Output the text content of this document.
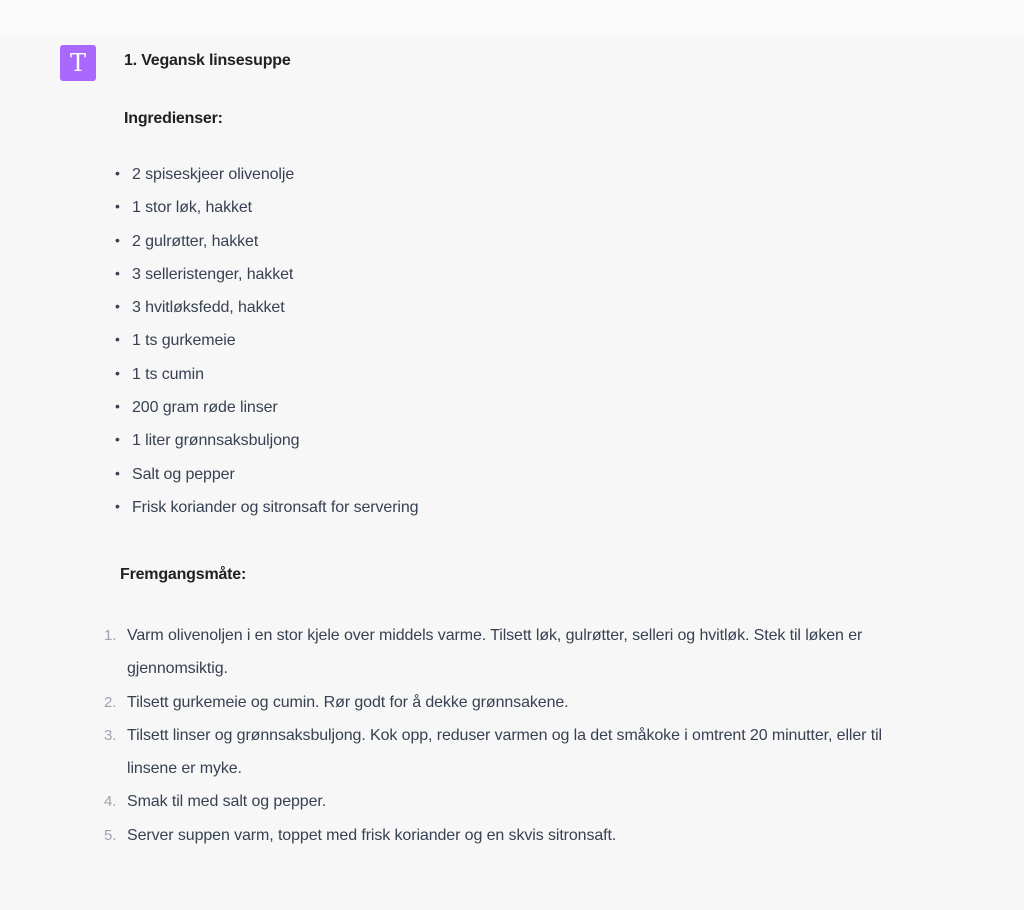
T	1. Vegansk linsesuppe
Ingredienser:
• 2 spiseskjeer olivenolje
• 1 stor løk, hakket
• 2 gulrøtter, hakket
• 3 selleristenger, hakket
• 3 hvitløksfedd, hakket
• 1 ts gurkemeie
• 1 ts cumin
• 200 gram røde linser
• 1 liter grønnsaksbuljong
• Salt og pepper
• Frisk koriander og sitronsaft for servering
Fremgangsmåte:
1. Varm olivenoljen i en stor kjele over middels varme. Tilsett løk, gulrøtter, selleri og hvitløk. Stek til løken er gjennomsiktig.
2. Tilsett gurkemeie og cumin. Rør godt for å dekke grønnsakene.
3. Tilsett linser og grønnsaksbuljong. Kok opp, reduser varmen og la det småkoke i omtrent 20 minutter, eller til linsene er myke.
4. Smak til med salt og pepper.
5. Server suppen varm, toppet med frisk koriander og en skvis sitronsaft.
